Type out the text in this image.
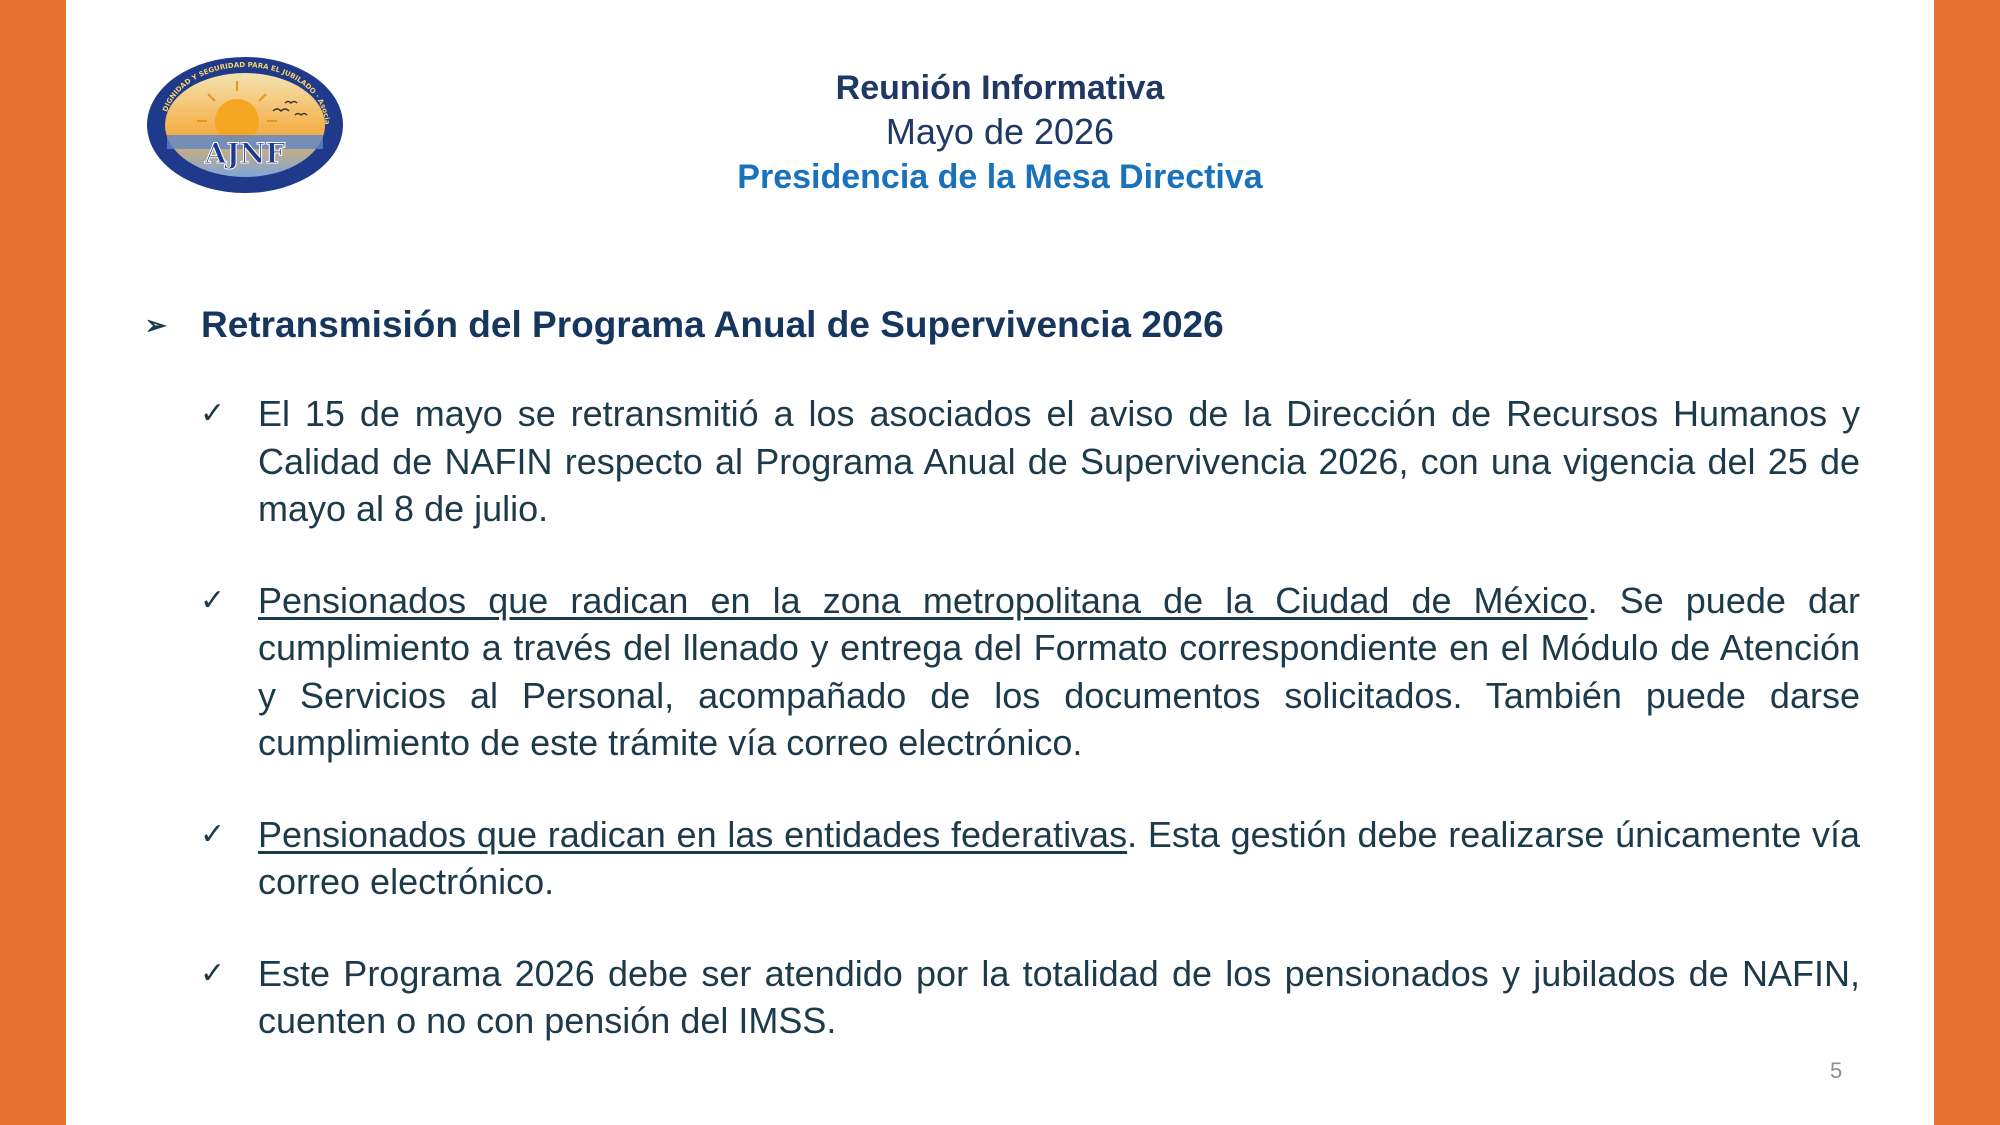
AJNF
DIGNIDAD Y SEGURIDAD PARA EL JUBILADO · Asocia
Reunión Informativa
Mayo de 2026
Presidencia de la Mesa Directiva
➢ Retransmisión del Programa Anual de Supervivencia 2026
✓ El 15 de mayo se retransmitió a los asociados el aviso de la Dirección de Recursos Humanos y Calidad de NAFIN respecto al Programa Anual de Supervivencia 2026, con una vigencia del 25 de mayo al 8 de julio.
✓ Pensionados que radican en la zona metropolitana de la Ciudad de México. Se puede dar cumplimiento a través del llenado y entrega del Formato correspondiente en el Módulo de Atención y Servicios al Personal, acompañado de los documentos solicitados. También puede darse cumplimiento de este trámite vía correo electrónico.
✓ Pensionados que radican en las entidades federativas. Esta gestión debe realizarse únicamente vía correo electrónico.
✓ Este Programa 2026 debe ser atendido por la totalidad de los pensionados y jubilados de NAFIN, cuenten o no con pensión del IMSS.
5
